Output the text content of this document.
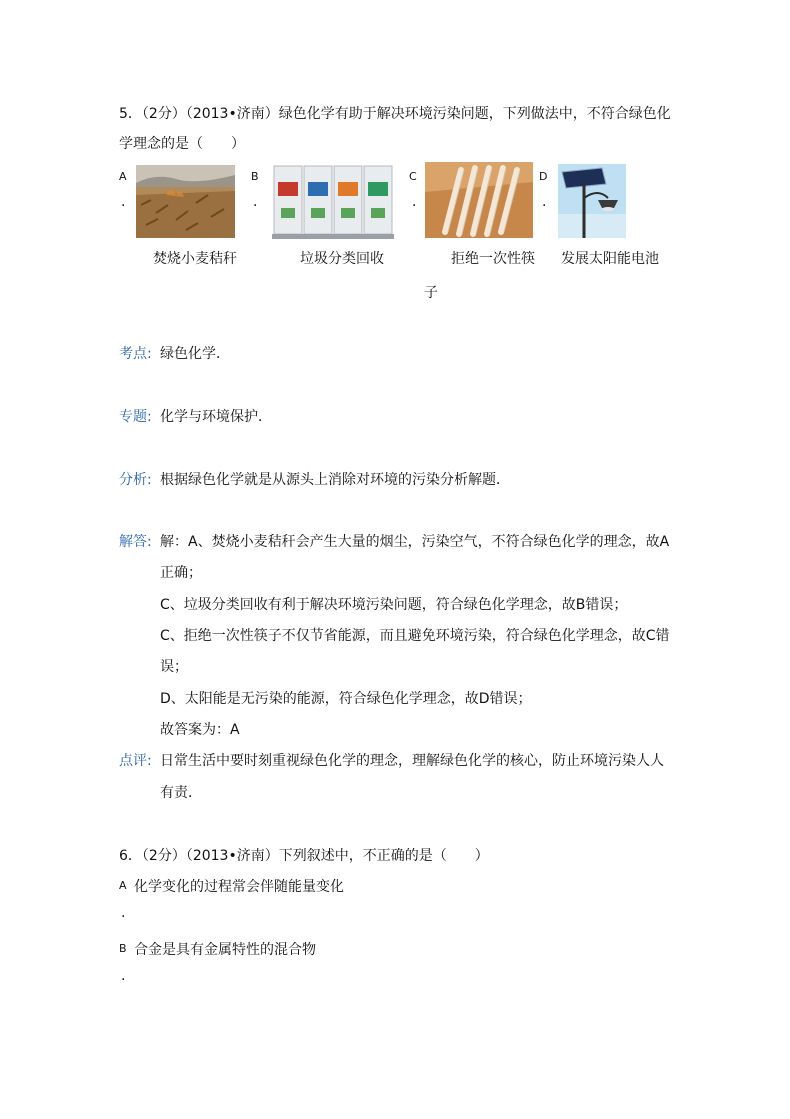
5．（2分）（2013•济南）绿色化学有助于解决环境污染问题，下列做法中，不符合绿色化
学理念的是（　　）
A
.
焚烧小麦秸秆
B
.
垃圾分类回收
C
.
拒绝一次性筷
子
D
.
发展太阳能电池
考点: 绿色化学．
专题: 化学与环境保护．
分析: 根据绿色化学就是从源头上消除对环境的污染分析解题．
解答: 解：A、焚烧小麦秸秆会产生大量的烟尘，污染空气，不符合绿色化学的理念，故A
正确；
C、垃圾分类回收有利于解决环境污染问题，符合绿色化学理念，故B错误；
C、拒绝一次性筷子不仅节省能源，而且避免环境污染，符合绿色化学理念，故C错
误；
D、太阳能是无污染的能源，符合绿色化学理念，故D错误；
故答案为：A
点评: 日常生活中要时刻重视绿色化学的理念，理解绿色化学的核心，防止环境污染人人
有责．
6．（2分）（2013•济南）下列叙述中，不正确的是（　　）
A 化学变化的过程常会伴随能量变化
.
B 合金是具有金属特性的混合物
.
